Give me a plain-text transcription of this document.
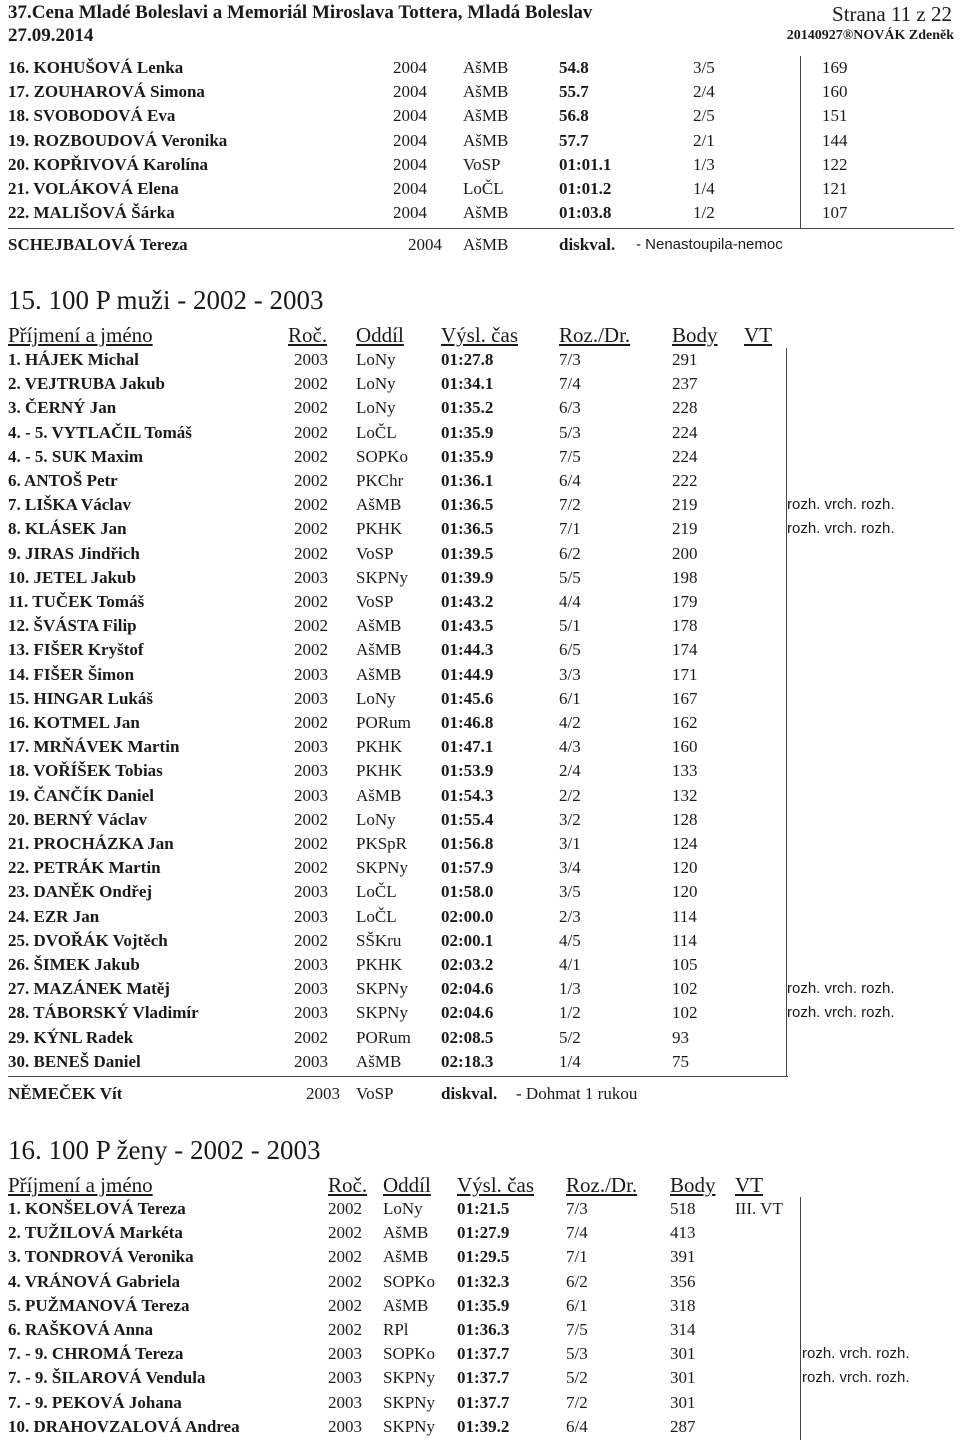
37.Cena Mladé Boleslavi a Memoriál Miroslava Tottera, Mladá Boleslav	Strana 11 z 22
27.09.2014	20140927®NOVÁK Zdeněk
16. KOHUŠOVÁ Lenka	2004 AšMB	54.8	3/5	169
17. ZOUHAROVÁ Simona	2004 AšMB	55.7	2/4	160
18. SVOBODOVÁ Eva	2004 AšMB	56.8	2/5	151
19. ROZBOUDOVÁ Veronika	2004 AšMB	57.7	2/1	144
20. KOPŘIVOVÁ Karolína	2004 VoSP	01:01.1	1/3	122
21. VOLÁKOVÁ Elena	2004 LoČL	01:01.2	1/4	121
22. MALIŠOVÁ Šárka	2004 AšMB	01:03.8	1/2	107
SCHEJBALOVÁ Tereza	2004 AšMB	diskval. - Nenastoupila-nemoc
15. 100 P muži - 2002 - 2003
Příjmení a jméno	Roč. Oddíl Výsl. čas Roz./Dr. Body VT
1. HÁJEK Michal	2003 LoNy	01:27.8	7/3	291
2. VEJTRUBA Jakub	2002 LoNy	01:34.1	7/4	237
3. ČERNÝ Jan	2002 LoNy	01:35.2	6/3	228
4. - 5. VYTLAČIL Tomáš	2002 LoČL	01:35.9	5/3	224
4. - 5. SUK Maxim	2002 SOPKo 01:35.9	7/5	224
6. ANTOŠ Petr	2002 PKChr 01:36.1	6/4	222
7. LIŠKA Václav	2002 AšMB 01:36.5	7/2	219	rozh. vrch. rozh.
8. KLÁSEK Jan	2002 PKHK 01:36.5	7/1	219	rozh. vrch. rozh.
9. JIRAS Jindřich	2002 VoSP	01:39.5	6/2	200
10. JETEL Jakub	2003 SKPNy 01:39.9	5/5	198
11. TUČEK Tomáš	2002 VoSP	01:43.2	4/4	179
12. ŠVÁSTA Filip	2002 AšMB 01:43.5	5/1	178
13. FIŠER Kryštof	2002 AšMB 01:44.3	6/5	174
14. FIŠER Šimon	2003 AšMB 01:44.9	3/3	171
15. HINGAR Lukáš	2003 LoNy	01:45.6	6/1	167
16. KOTMEL Jan	2002 PORum 01:46.8	4/2	162
17. MRŇÁVEK Martin	2003 PKHK 01:47.1	4/3	160
18. VOŘÍŠEK Tobias	2003 PKHK 01:53.9	2/4	133
19. ČANČÍK Daniel	2003 AšMB 01:54.3	2/2	132
20. BERNÝ Václav	2002 LoNy	01:55.4	3/2	128
21. PROCHÁZKA Jan	2002 PKSpR 01:56.8	3/1	124
22. PETRÁK Martin	2002 SKPNy 01:57.9	3/4	120
23. DANĚK Ondřej	2003 LoČL	01:58.0	3/5	120
24. EZR Jan	2003 LoČL	02:00.0	2/3	114
25. DVOŘÁK Vojtěch	2002 SŠKru 02:00.1	4/5	114
26. ŠIMEK Jakub	2003 PKHK 02:03.2	4/1	105
27. MAZÁNEK Matěj	2003 SKPNy 02:04.6	1/3	102	rozh. vrch. rozh.
28. TÁBORSKÝ Vladimír	2003 SKPNy 02:04.6	1/2	102	rozh. vrch. rozh.
29. KÝNL Radek	2002 PORum 02:08.5	5/2	93
30. BENEŠ Daniel	2003 AšMB 02:18.3	1/4	75
NĚMEČEK Vít	2003 VoSP	diskval. - Dohmat 1 rukou
16. 100 P ženy - 2002 - 2003
Příjmení a jméno	Roč. Oddíl Výsl. čas Roz./Dr. Body VT
1. KONŠELOVÁ Tereza	2002 LoNy 01:21.5	7/3	518 III. VT
2. TUŽILOVÁ Markéta	2002 AšMB 01:27.9	7/4	413
3. TONDROVÁ Veronika	2002 AšMB 01:29.5	7/1	391
4. VRÁNOVÁ Gabriela	2002 SOPKo 01:32.3	6/2	356
5. PUŽMANOVÁ Tereza	2002 AšMB 01:35.9	6/1	318
6. RAŠKOVÁ Anna	2002 RPl	01:36.3	7/5	314
7. - 9. CHROMÁ Tereza	2003 SOPKo 01:37.7	5/3	301	rozh. vrch. rozh.
7. - 9. ŠILAROVÁ Vendula	2003 SKPNy 01:37.7	5/2	301	rozh. vrch. rozh.
7. - 9. PEKOVÁ Johana	2003 SKPNy 01:37.7	7/2	301
10. DRAHOVZALOVÁ Andrea	2003 SKPNy 01:39.2	6/4	287
